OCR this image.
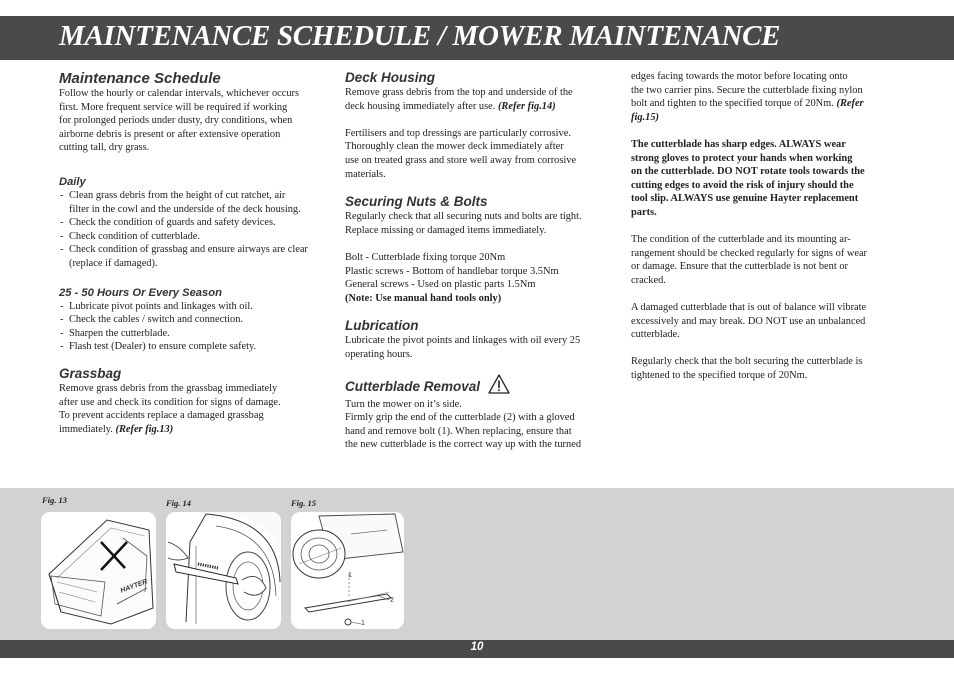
MAINTENANCE SCHEDULE / MOWER MAINTENANCE
Maintenance Schedule

Follow the hourly or calendar intervals, whichever occurs

first. More frequent service will be required if working

for prolonged periods under dusty, dry conditions, when

airborne debris is present or after extensive operation

cutting tall, dry grass.

Daily
- Clean grass debris from the height of cut ratchet, air filter in the cowl and the underside of the deck housing.
- Check the condition of guards and safety devices.
- Check condition of cutterblade.
- Check condition of grassbag and ensure airways are clear (replace if damaged).
25 - 50 Hours Or Every Season
- Lubricate pivot points and linkages with oil.
- Check the cables / switch and connection.
- Sharpen the cutterblade.
- Flash test (Dealer) to ensure complete safety.
Grassbag

Remove grass debris from the grassbag immediately

after use and check its condition for signs of damage.

To prevent accidents replace a damaged grassbag

immediately. (Refer fig.13)

Deck Housing

Remove grass debris from the top and underside of the

deck housing immediately after use. (Refer fig.14)

Fertilisers and top dressings are particularly corrosive.

Thoroughly clean the mower deck immediately after

use on treated grass and store well away from corrosive

materials.

Securing Nuts & Bolts

Regularly check that all securing nuts and bolts are tight.

Replace missing or damaged items immediately.

Bolt - Cutterblade fixing torque 20Nm

Plastic screws - Bottom of handlebar torque 3.5Nm

General screws - Used on plastic parts 1.5Nm

(Note: Use manual hand tools only)

Lubrication

Lubricate the pivot points and linkages with oil every 25

operating hours.

Cutterblade Removal

Turn the mower on it’s side.

Firmly grip the end of the cutterblade (2) with a gloved

hand and remove bolt (1). When replacing, ensure that

the new cutterblade is the correct way up with the turned

edges facing towards the motor before locating onto

the two carrier pins. Secure the cutterblade fixing nylon

bolt and tighten to the specified torque of 20Nm. (Refer

fig.15)

The cutterblade has sharp edges. ALWAYS wear

strong gloves to protect your hands when working

on the cutterblade. DO NOT rotate tools towards the

cutting edges to avoid the risk of injury should the

tool slip. ALWAYS use genuine Hayter replacement

parts.

The condition of the cutterblade and its mounting ar-

rangement should be checked regularly for signs of wear

or damage. Ensure that the cutterblade is not bent or

cracked.

A damaged cutterblade that is out of balance will vibrate

excessively and may break. DO NOT use an unbalanced

cutterblade.

Regularly check that the bolt securing the cutterblade is

tightened to the specified torque of 20Nm.

Fig. 13	Fig. 14	Fig. 15
HAYTER
1
2
1
10
